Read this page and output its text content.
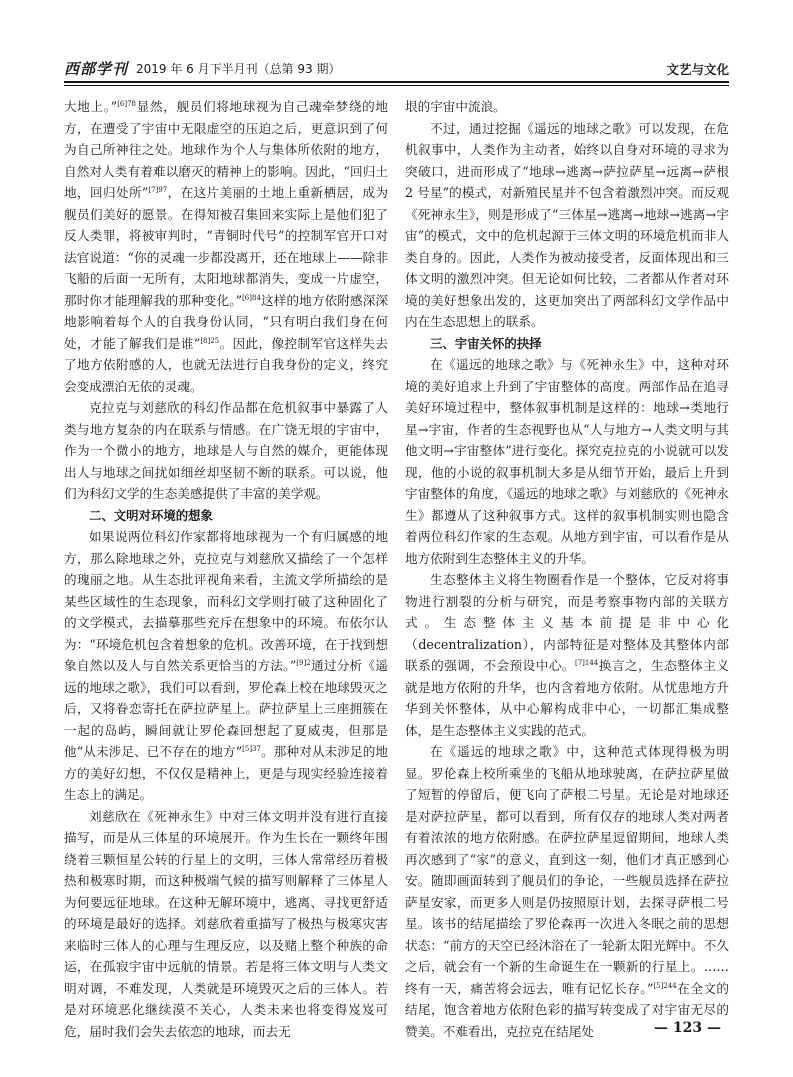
西部学刊 2019 年 6 月下半月刊（总第 93 期）	文艺与文化

大地上。”$^{[6]78}$显然，舰员们将地球视为自己魂牵梦绕的地方，在遭受了宇宙中无限虚空的压迫之后，更意识到了何为自己所神往之处。地球作为个人与集体所依附的地方，自然对人类有着难以磨灭的精神上的影响。因此，“回归土地，回归处所”$^{[7]97}$，在这片美丽的土地上重新栖居，成为舰员们美好的愿景。在得知被召集回来实际上是他们犯了反人类罪，将被审判时，“青铜时代号”的控制军官开口对法官说道：“你的灵魂一步都没离开，还在地球上——除非飞船的后面一无所有，太阳地球都消失，变成一片虚空，那时你才能理解我的那种变化。”$^{[6]84}$这样的地方依附感深深地影响着每个人的自我身份认同，“只有明白我们身在何处，才能了解我们是谁”$^{[8]25}$。因此，像控制军官这样失去了地方依附感的人，也就无法进行自我身份的定义，终究会变成漂泊无依的灵魂。

克拉克与刘慈欣的科幻作品都在危机叙事中暴露了人类与地方复杂的内在联系与情感。在广饶无垠的宇宙中，作为一个微小的地方，地球是人与自然的媒介，更能体现出人与地球之间扰如细丝却坚韧不断的联系。可以说，他们为科幻文学的生态美感提供了丰富的美学观。

二、文明对环境的想象

如果说两位科幻作家都将地球视为一个有归属感的地方，那么除地球之外，克拉克与刘慈欣又描绘了一个怎样的瑰丽之地。从生态批评视角来看，主流文学所描绘的是某些区域性的生态现象，而科幻文学则打破了这种固化了的文学模式，去描摹那些充斥在想象中的环境。布依尔认为：“环境危机包含着想象的危机。改善环境，在于找到想象自然以及人与自然关系更恰当的方法。”$^{[9]2}$通过分析《遥远的地球之歌》，我们可以看到，罗伦森上校在地球毁灭之后，又将眷恋寄托在萨拉萨星上。萨拉萨星上三座拥簇在一起的岛屿，瞬间就让罗伦森回想起了夏威夷，但那是他“从未涉足、已不存在的地方”$^{[5]37}$。那种对从未涉足的地方的美好幻想，不仅仅是精神上，更是与现实经验连接着生态上的满足。

刘慈欣在《死神永生》中对三体文明并没有进行直接描写，而是从三体星的环境展开。作为生长在一颗终年围绕着三颗恒星公转的行星上的文明，三体人常常经历着极热和极寒时期，而这种极端气候的描写则解释了三体星人为何要远征地球。在这种无解环境中，逃离、寻找更舒适的环境是最好的选择。刘慈欣着重描写了极热与极寒灾害来临时三体人的心理与生理反应，以及赌上整个种族的命运，在孤寂宇宙中远航的情景。若是将三体文明与人类文明对调，不难发现，人类就是环境毁灭之后的三体人。若是对环境恶化继续漠不关心，人类未来也将变得岌岌可危，届时我们会失去依恋的地球，而去无

垠的宇宙中流浪。

不过，通过挖掘《遥远的地球之歌》可以发现，在危机叙事中，人类作为主动者，始终以自身对环境的寻求为突破口，进而形成了“地球→逃离→萨拉萨星→远离→萨根 2 号星”的模式，对新殖民星并不包含着激烈冲突。而反观《死神永生》，则是形成了“三体星→逃离→地球→逃离→宇宙”的模式，文中的危机起源于三体文明的环境危机而非人类自身的。因此，人类作为被动接受者，反面体现出和三体文明的激烈冲突。但无论如何比较，二者都从作者对环境的美好想象出发的，这更加突出了两部科幻文学作品中内在生态思想上的联系。

三、宇宙关怀的抉择

在《遥远的地球之歌》与《死神永生》中，这种对环境的美好追求上升到了宇宙整体的高度。两部作品在追寻美好环境过程中，整体叙事机制是这样的：地球→类地行星→宇宙，作者的生态视野也从“人与地方→人类文明与其他文明→宇宙整体”进行变化。探究克拉克的小说就可以发现，他的小说的叙事机制大多是从细节开始，最后上升到宇宙整体的角度，《遥远的地球之歌》与刘慈欣的《死神永生》都遵从了这种叙事方式。这样的叙事机制实则也隐含着两位科幻作家的生态观。从地方到宇宙，可以看作是从地方依附到生态整体主义的升华。

生态整体主义将生物圈看作是一个整体，它反对将事物进行割裂的分析与研究，而是考察事物内部的关联方式。生态整体主义基本前提是非中心化（decentralization），内部特征是对整体及其整体内部联系的强调，不会预设中心。$^{[7]144}$换言之，生态整体主义就是地方依附的升华，也内含着地方依附。从忧患地方升华到关怀整体，从中心解构成非中心，一切都汇集成整体，是生态整体主义实践的范式。

在《遥远的地球之歌》中，这种范式体现得极为明显。罗伦森上校所乘坐的飞船从地球驶离，在萨拉萨星做了短暂的停留后，便飞向了萨根二号星。无论是对地球还是对萨拉萨星，都可以看到，所有仅存的地球人类对两者有着浓浓的地方依附感。在萨拉萨星逗留期间，地球人类再次感到了“家”的意义，直到这一刻，他们才真正感到心安。随即画面转到了舰员们的争论，一些舰员选择在萨拉萨星安家，而更多人则是仍按照原计划，去探寻萨根二号星。该书的结尾描绘了罗伦森再一次进入冬眠之前的思想状态：“前方的天空已经沐浴在了一轮新太阳光辉中。不久之后，就会有一个新的生命诞生在一颗新的行星上。……终有一天，痛苦将会远去，唯有记忆长存。”$^{[5]244}$在全文的结尾，饱含着地方依附色彩的描写转变成了对宇宙无尽的赞美。不难看出，克拉克在结尾处	— 123 —
